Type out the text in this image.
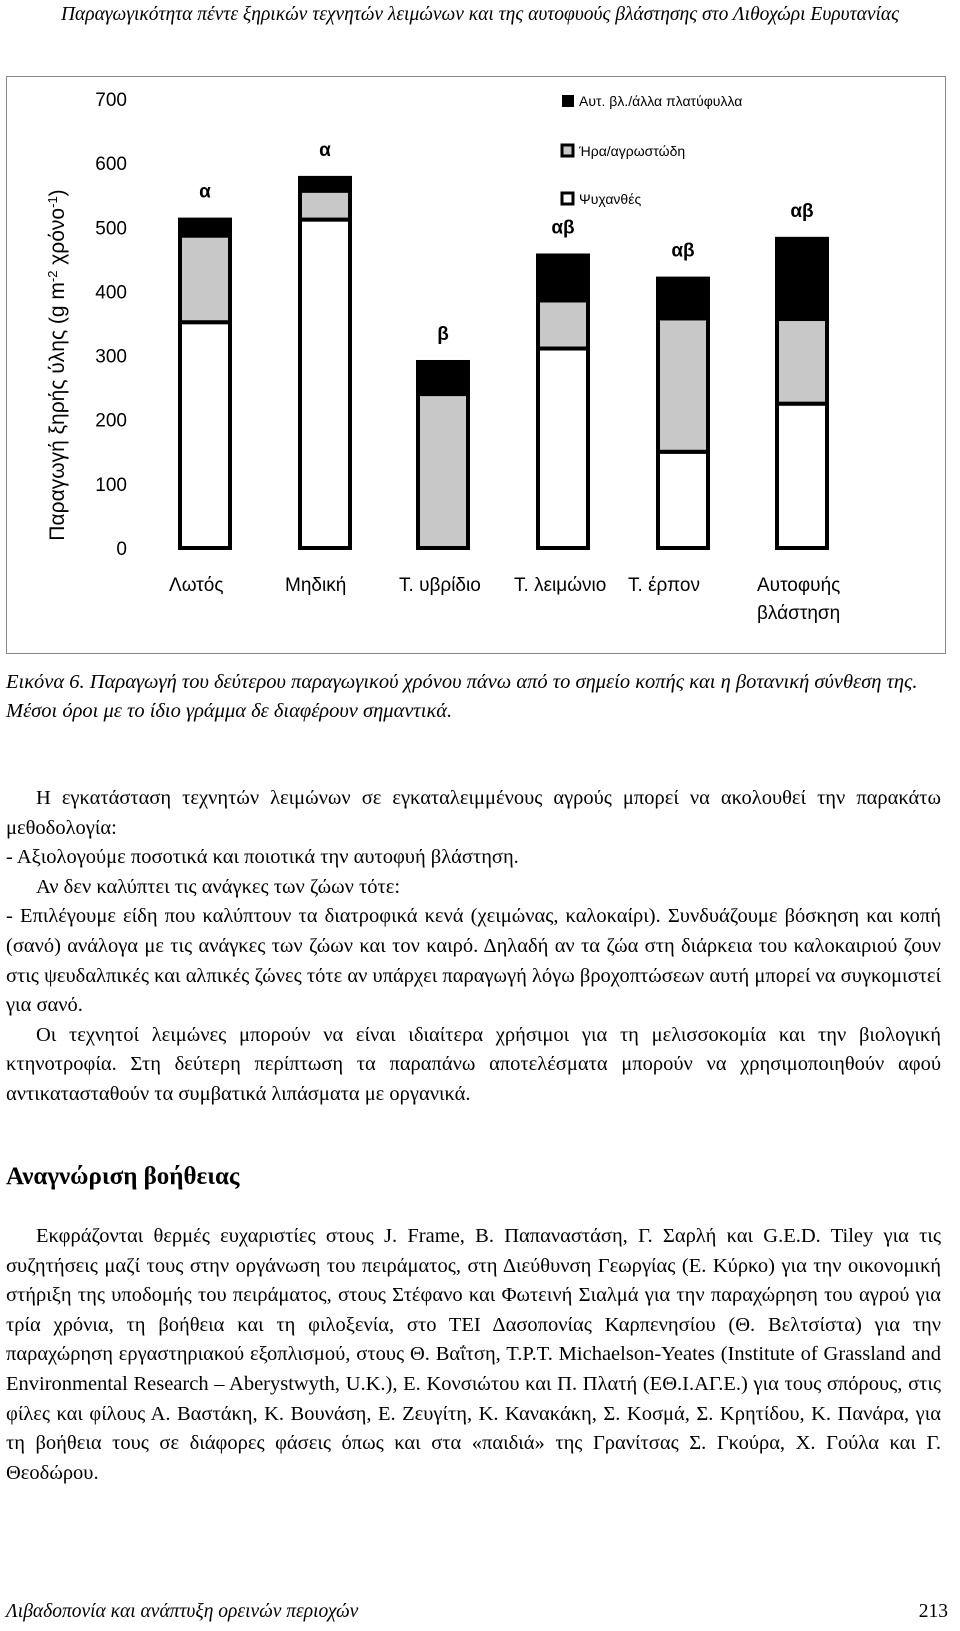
Παραγωγικότητα πέντε ξηρικών τεχνητών λειμώνων και της αυτοφυούς βλάστησης στο Λιθοχώρι Ευρυτανίας
Παραγωγή ξηρής ύλης (g $m^{-2}$ χρόνο$^{-1}$)
0
100
200
300
400
500
600
700
α
α
β
αβ
αβ
αβ
Λωτός	Μηδική	Τ. υβρίδιο Τ. λειμώνιο Τ. έρπον	Αυτοφυής
βλάστηση
Αυτ. βλ./άλλα πλατύφυλλα
Ήρα/αγρωστώδη
Ψυχανθές
Εικόνα 6. Παραγωγή του δεύτερου παραγωγικού χρόνου πάνω από το σημείο κοπής και η βοτανική σύνθεση της. Μέσοι όροι με το ίδιο γράμμα δε διαφέρουν σημαντικά.

Η εγκατάσταση τεχνητών λειμώνων σε εγκαταλειμμένους αγρούς μπορεί να ακολουθεί την παρακάτω μεθοδολογία:

- Αξιολογούμε ποσοτικά και ποιοτικά την αυτοφυή βλάστηση.

Αν δεν καλύπτει τις ανάγκες των ζώων τότε:

- Επιλέγουμε είδη που καλύπτουν τα διατροφικά κενά (χειμώνας, καλοκαίρι). Συνδυάζουμε βόσκηση και κοπή (σανό) ανάλογα με τις ανάγκες των ζώων και τον καιρό. Δηλαδή αν τα ζώα στη διάρκεια του καλοκαιριού ζουν στις ψευδαλπικές και αλπικές ζώνες τότε αν υπάρχει παραγωγή λόγω βροχοπτώσεων αυτή μπορεί να συγκομιστεί για σανό.

Οι τεχνητοί λειμώνες μπορούν να είναι ιδιαίτερα χρήσιμοι για τη μελισσοκομία και την βιολογική κτηνοτροφία. Στη δεύτερη περίπτωση τα παραπάνω αποτελέσματα μπορούν να χρησιμοποιηθούν αφού αντικατασταθούν τα συμβατικά λιπάσματα με οργανικά.

Αναγνώριση βοήθειας

Εκφράζονται θερμές ευχαριστίες στους J. Frame, Β. Παπαναστάση, Γ. Σαρλή και G.E.D. Tiley για τις συζητήσεις μαζί τους στην οργάνωση του πειράματος, στη Διεύθυνση Γεωργίας (Ε. Κύρκο) για την οικονομική στήριξη της υποδομής του πειράματος, στους Στέφανο και Φωτεινή Σιαλμά για την παραχώρηση του αγρού για τρία χρόνια, τη βοήθεια και τη φιλοξενία, στο ΤΕΙ Δασοπονίας Καρπενησίου (Θ. Βελτσίστα) για την παραχώρηση εργαστηριακού εξοπλισμού, στους Θ. Βαΐτση, Τ.Ρ.Τ. Michaelson-Yeates (Institute of Grassland and Environmental Research – Aberystwyth, U.K.), Ε. Κονσιώτου και Π. Πλατή (ΕΘ.Ι.ΑΓ.Ε.) για τους σπόρους, στις φίλες και φίλους Α. Βαστάκη, Κ. Βουνάση, Ε. Ζευγίτη, Κ. Κανακάκη, Σ. Κοσμά, Σ. Κρητίδου, Κ. Πανάρα, για τη βοήθεια τους σε διάφορες φάσεις όπως και στα «παιδιά» της Γρανίτσας Σ. Γκούρα, Χ. Γούλα και Γ. Θεοδώρου.

Λιβαδοπονία και ανάπτυξη ορεινών περιοχών	213
